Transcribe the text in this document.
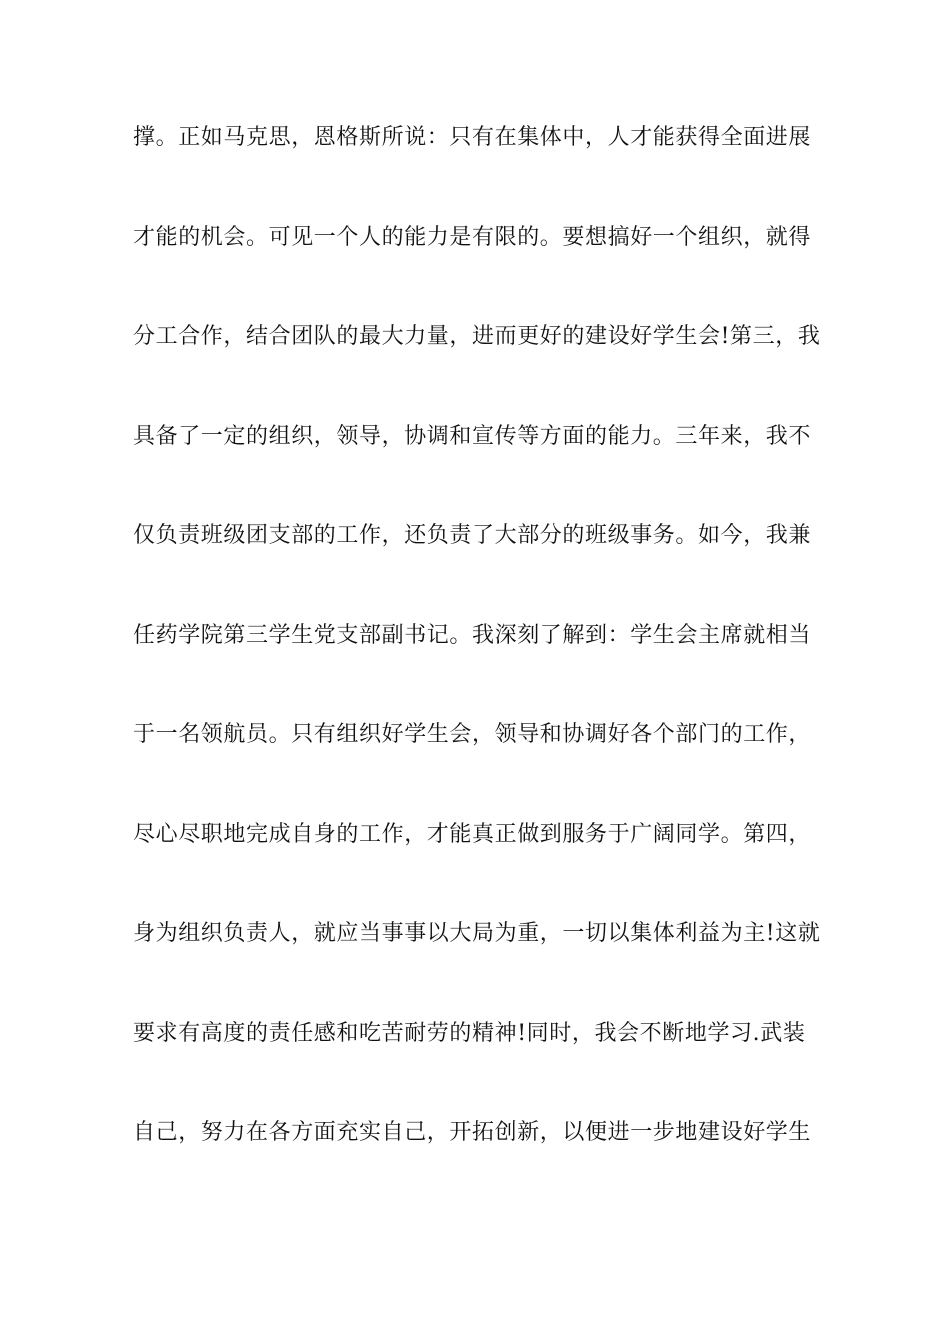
撑。正如马克思，恩格斯所说：只有在集体中，人才能获得全面进展
才能的机会。可见一个人的能力是有限的。要想搞好一个组织，就得
分工合作，结合团队的最大力量，进而更好的建设好学生会!第三，我
具备了一定的组织，领导，协调和宣传等方面的能力。三年来，我不
仅负责班级团支部的工作，还负责了大部分的班级事务。如今，我兼
任药学院第三学生党支部副书记。我深刻了解到：学生会主席就相当
于一名领航员。只有组织好学生会，领导和协调好各个部门的工作，
尽心尽职地完成自身的工作，才能真正做到服务于广阔同学。第四，
身为组织负责人，就应当事事以大局为重，一切以集体利益为主!这就
要求有高度的责任感和吃苦耐劳的精神!同时，我会不断地学习.武装
自己，努力在各方面充实自己，开拓创新，以便进一步地建设好学生
